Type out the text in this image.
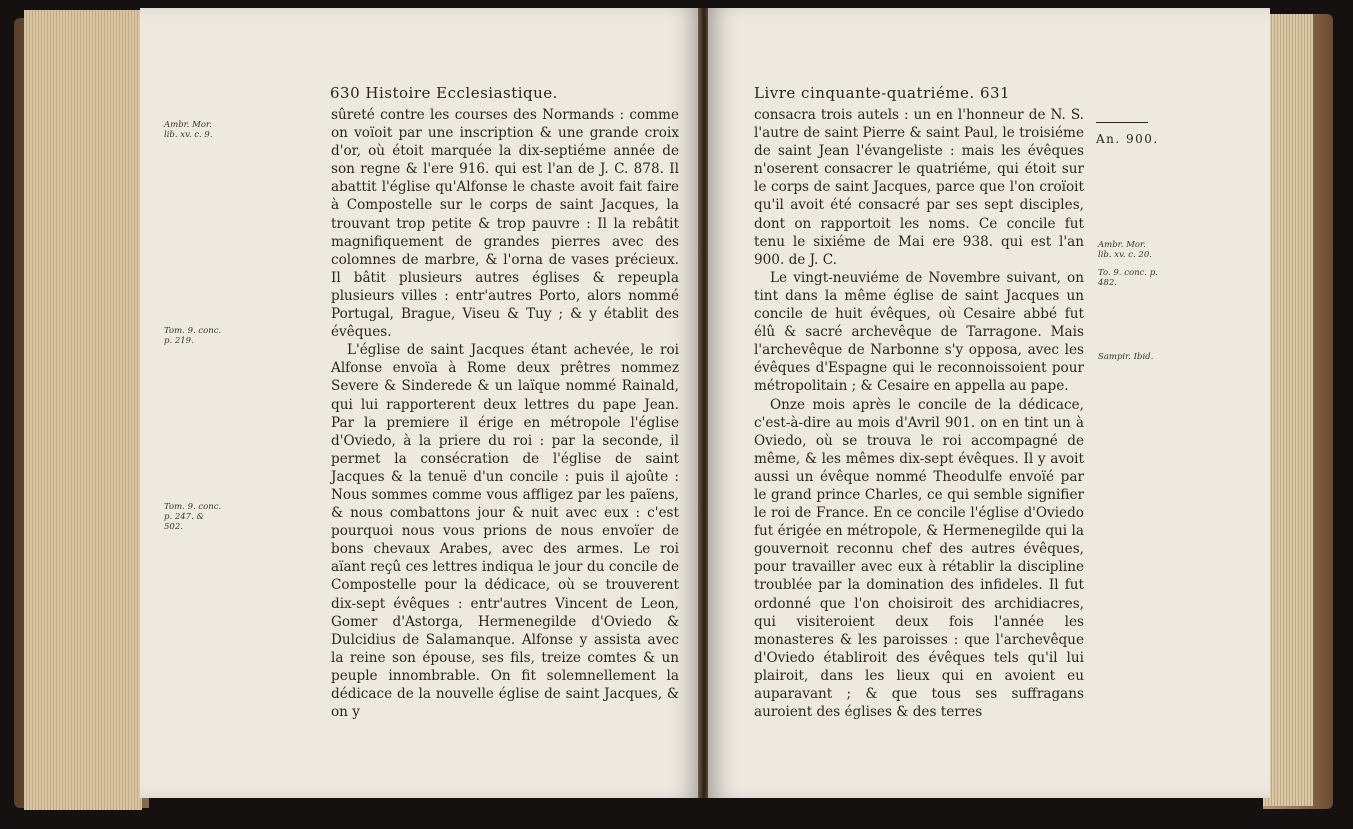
630 Histoire Ecclesiastique.
Ambr. Mor. lib. xv. c. 9.
Tom. 9. conc. p. 219.
Tom. 9. conc. p. 247. & 502.

sûreté contre les courses des Normands : comme on voïoit par une inscription & une grande croix d'or, où étoit marquée la dix-septiéme année de son regne & l'ere 916. qui est l'an de J. C. 878. Il abattit l'église qu'Alfonse le chaste avoit fait faire à Compostelle sur le corps de saint Jacques, la trouvant trop petite & trop pauvre : Il la rebâtit magnifiquement de grandes pierres avec des colomnes de marbre, & l'orna de vases précieux. Il bâtit plusieurs autres églises & repeupla plusieurs villes : entr'autres Porto, alors nommé Portugal, Brague, Viseu & Tuy ; & y établit des évêques.

L'église de saint Jacques étant achevée, le roi Alfonse envoïa à Rome deux prêtres nommez Severe & Sinderede & un laïque nommé Rainald, qui lui rapporterent deux lettres du pape Jean. Par la premiere il érige en métropole l'église d'Oviedo, à la priere du roi : par la seconde, il permet la consécration de l'église de saint Jacques & la tenuë d'un concile : puis il ajoûte : Nous sommes comme vous affligez par les païens, & nous combattons jour & nuit avec eux : c'est pourquoi nous vous prions de nous envoïer de bons chevaux Arabes, avec des armes. Le roi aïant reçû ces lettres indiqua le jour du concile de Compostelle pour la dédicace, où se trouverent dix-sept évêques : entr'autres Vincent de Leon, Gomer d'Astorga, Hermenegilde d'Oviedo & Dulcidius de Salamanque. Alfonse y assista avec la reine son épouse, ses fils, treize comtes & un peuple innombrable. On fit solemnellement la dédicace de la nouvelle église de saint Jacques, & on y

Livre cinquante-quatriéme. 631
An. 900.
Ambr. Mor. lib. xv. c. 20.
To. 9. conc. p. 482.
Sampir. Ibid.

consacra trois autels : un en l'honneur de N. S. l'autre de saint Pierre & saint Paul, le troisiéme de saint Jean l'évangeliste : mais les évêques n'oserent consacrer le quatriéme, qui étoit sur le corps de saint Jacques, parce que l'on croïoit qu'il avoit été consacré par ses sept disciples, dont on rapportoit les noms. Ce concile fut tenu le sixiéme de Mai ere 938. qui est l'an 900. de J. C.

Le vingt-neuviéme de Novembre suivant, on tint dans la même église de saint Jacques un concile de huit évêques, où Cesaire abbé fut élû & sacré archevêque de Tarragone. Mais l'archevêque de Narbonne s'y opposa, avec les évêques d'Espagne qui le reconnoissoient pour métropolitain ; & Cesaire en appella au pape.

Onze mois après le concile de la dédicace, c'est-à-dire au mois d'Avril 901. on en tint un à Oviedo, où se trouva le roi accompagné de même, & les mêmes dix-sept évêques. Il y avoit aussi un évêque nommé Theodulfe envoïé par le grand prince Charles, ce qui semble signifier le roi de France. En ce concile l'église d'Oviedo fut érigée en métropole, & Hermenegilde qui la gouvernoit reconnu chef des autres évêques, pour travailler avec eux à rétablir la discipline troublée par la domination des infideles. Il fut ordonné que l'on choisiroit des archidiacres, qui visiteroient deux fois l'année les monasteres & les paroisses : que l'archevêque d'Oviedo établiroit des évêques tels qu'il lui plairoit, dans les lieux qui en avoient eu auparavant ; & que tous ses suffragans auroient des églises & des terres
